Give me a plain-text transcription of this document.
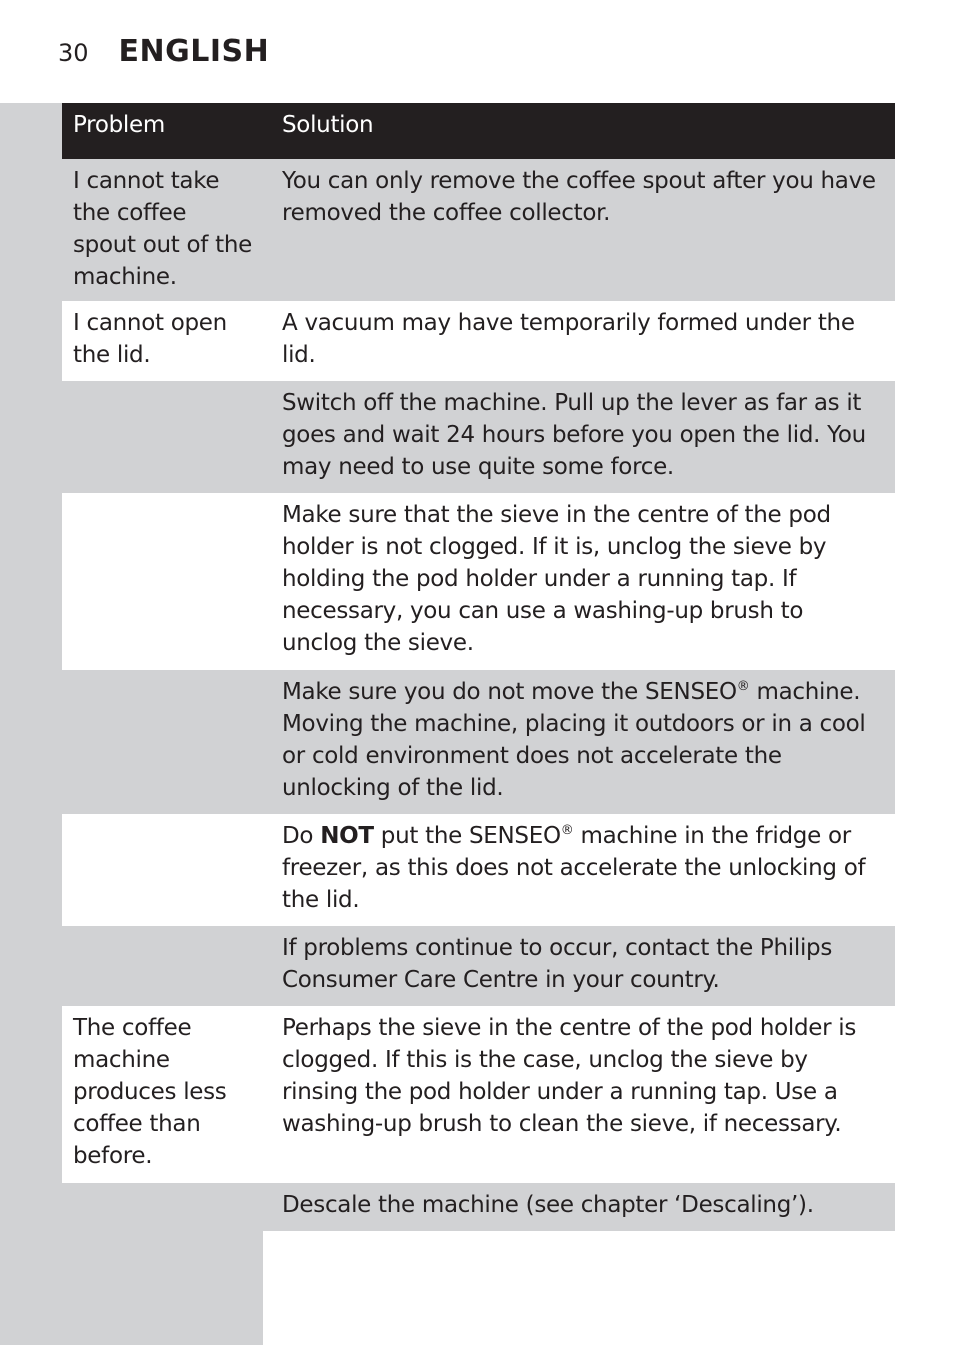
30 ENGLISH
Problem	Solution
I cannot take the coffee spout out of the machine.
You can only remove the coffee spout after you have removed the coffee collector.
I cannot open the lid.
A vacuum may have temporarily formed under the lid.
Switch off the machine. Pull up the lever as far as it goes and wait 24 hours before you open the lid. You may need to use quite some force.
Make sure that the sieve in the centre of the pod holder is not clogged. If it is, unclog the sieve by holding the pod holder under a running tap. If necessary, you can use a washing-up brush to unclog the sieve.
Make sure you do not move the SENSEO® machine. Moving the machine, placing it outdoors or in a cool or cold environment does not accelerate the unlocking of the lid.
Do NOT put the SENSEO® machine in the fridge or freezer, as this does not accelerate the unlocking of the lid.
If problems continue to occur, contact the Philips Consumer Care Centre in your country.
The coffee machine produces less coffee than before.
Perhaps the sieve in the centre of the pod holder is clogged. If this is the case, unclog the sieve by rinsing the pod holder under a running tap. Use a washing-up brush to clean the sieve, if necessary.
Descale the machine (see chapter ‘Descaling’).
